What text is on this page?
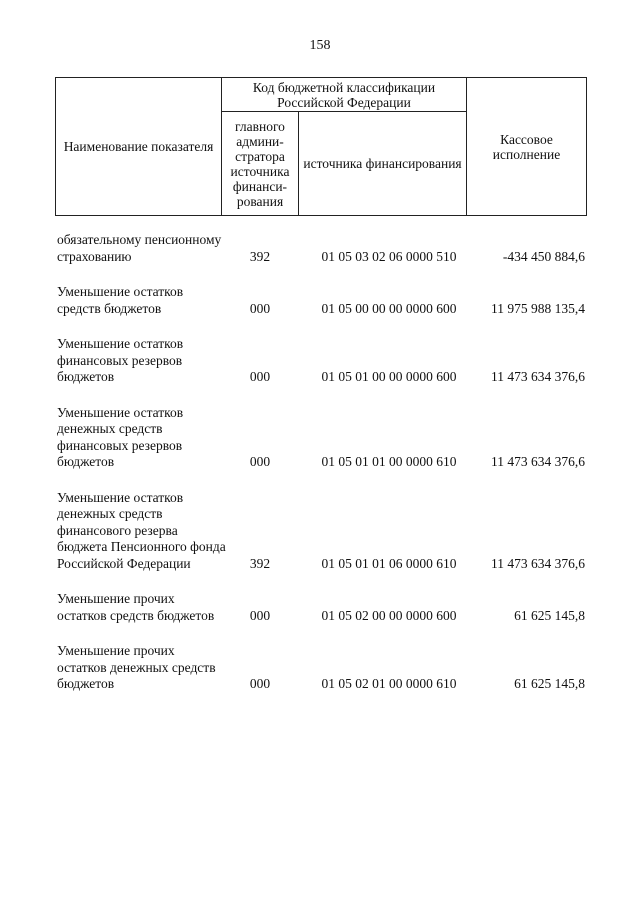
158
Наименование показателя	Код бюджетной классификации Российской Федерации		Кассовое исполнение
	главного админи-стратора источника финанси-рования	источника финансирования	
обязательному пенсионному страхованию	392	01 05 03 02 06 0000 510	-434 450 884,6
Уменьшение остатков средств бюджетов	000	01 05 00 00 00 0000 600	11 975 988 135,4
Уменьшение остатков финансовых резервов бюджетов	000	01 05 01 00 00 0000 600	11 473 634 376,6
Уменьшение остатков денежных средств финансовых резервов бюджетов	000	01 05 01 01 00 0000 610	11 473 634 376,6
Уменьшение остатков денежных средств финансового резерва бюджета Пенсионного фонда Российской Федерации	392	01 05 01 01 06 0000 610	11 473 634 376,6
Уменьшение прочих остатков средств бюджетов	000	01 05 02 00 00 0000 600	61 625 145,8
Уменьшение прочих остатков денежных средств бюджетов	000	01 05 02 01 00 0000 610	61 625 145,8
